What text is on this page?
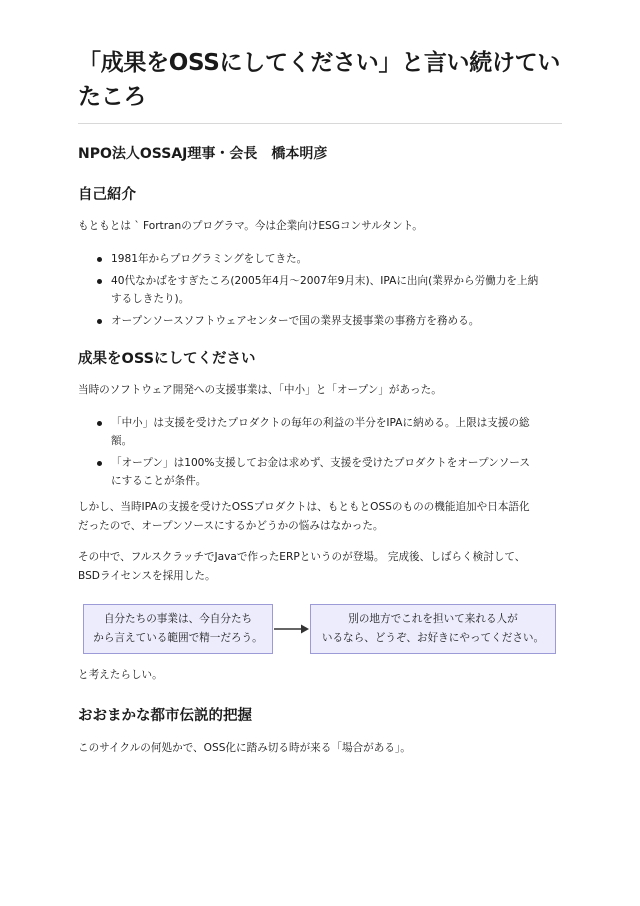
「成果をOSSにしてください」と言い続けてい
たころ
NPO法人OSSAJ理事・会長　橋本明彦
自己紹介

もともとは ` Fortranのプログラマ。今は企業向けESGコンサルタント。

1981年からプログラミングをしてきた。
40代なかばをすぎたころ(2005年4月～2007年9月末)、IPAに出向(業界から労働力を上納
するしきたり)。
オープンソースソフトウェアセンターで国の業界支援事業の事務方を務める。
成果をOSSにしてください

当時のソフトウェア開発への支援事業は、「中小」と「オープン」があった。

「中小」は支援を受けたプロダクトの毎年の利益の半分をIPAに納める。上限は支援の総
額。
「オープン」は100%支援してお金は求めず、支援を受けたプロダクトをオープンソース
にすることが条件。

しかし、当時IPAの支援を受けたOSSプロダクトは、もともとOSSのものの機能追加や日本語化
だったので、オープンソースにするかどうかの悩みはなかった。

その中で、フルスクラッチでJavaで作ったERPというのが登場。 完成後、しばらく検討して、
BSDライセンスを採用した。

自分たちの事業は、今自分たち
から言えている範囲で精一だろう。
別の地方でこれを担いて来れる人が
いるなら、どうぞ、お好きにやってください。

と考えたらしい。

おおまかな都市伝説的把握

このサイクルの何処かで、OSS化に踏み切る時が来る「場合がある」。
